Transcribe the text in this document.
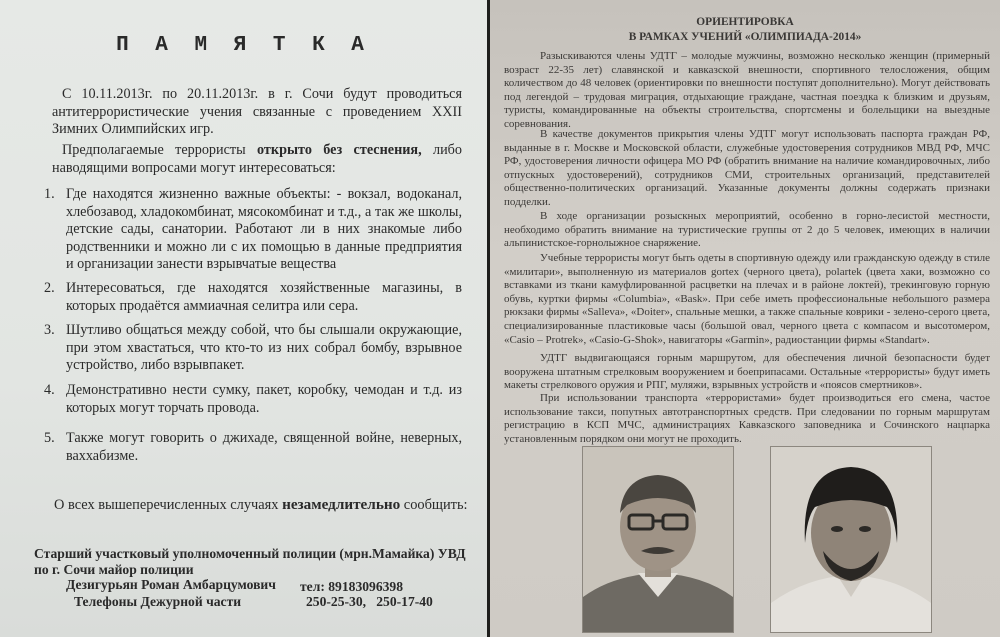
П А М Я Т К А

С 10.11.2013г. по 20.11.2013г. в г. Сочи будут проводиться антитеррористические учения связанные с проведением XXII Зимних Олимпийских игр.

Предполагаемые террористы открыто без стеснения, либо наводящими вопросами могут интересоваться:

1. Где находятся жизненно важные объекты: - вокзал, водоканал, хлебозавод, хладокомбинат, мясокомбинат и т.д., а так же школы, детские сады, санатории. Работают ли в них знакомые либо родственники и можно ли с их помощью в данные предприятия и организации занести взрывчатые вещества

2. Интересоваться, где находятся хозяйственные магазины, в которых продаётся аммиачная селитра или сера.

3. Шутливо общаться между собой, что бы слышали окружающие, при этом хвастаться, что кто-то из них собрал бомбу, взрывное устройство, либо взрывпакет.

4. Демонстративно нести сумку, пакет, коробку, чемодан и т.д. из которых могут торчать провода.

5. Также могут говорить о джихаде, священной войне, неверных, ваххабизме.

О всех вышеперечисленных случаях незамедлительно сообщить:

Старший участковый уполномоченный полиции (мрн.Мамайка) УВД

по г. Сочи майор полиции

Дезигурьян Роман Амбарцумович	тел: 89183096398

Телефоны Дежурной части	250-25-30,   250-17-40

ОРИЕНТИРОВКА

В РАМКАХ УЧЕНИЙ «ОЛИМПИАДА-2014»

Разыскиваются члены УДТГ – молодые мужчины, возможно несколько женщин (примерный возраст 22-35 лет) славянской и кавказской внешности, спортивного телосложения, общим количеством до 48 человек (ориентировки по внешности поступят дополнительно). Могут действовать под легендой – трудовая миграция, отдыхающие граждане, частная поездка к близким и друзьям, туристы, командированные на объекты строительства, спортсмены и болельщики на выездные соревнования.

В качестве документов прикрытия члены УДТГ могут использовать паспорта граждан РФ, выданные в г. Москве и Московской области, служебные удостоверения сотрудников МВД РФ, МЧС РФ, удостоверения личности офицера МО РФ (обратить внимание на наличие командировочных, либо отпускных удостоверений), сотрудников СМИ, строительных организаций, представителей общественно-политических организаций. Указанные документы должны содержать признаки подделки.

В ходе организации розыскных мероприятий, особенно в горно-лесистой местности, необходимо обратить внимание на туристические группы от 2 до 5 человек, имеющих в наличии альпинистское-горнолыжное снаряжение.

Учебные террористы могут быть одеты в спортивную одежду или гражданскую одежду в стиле «милитари», выполненную из материалов gortex (черного цвета), polartek (цвета хаки, возможно со вставками из ткани камуфлированной расцветки на плечах и в районе локтей), трекинговую горную обувь, куртки фирмы «Columbia», «Bask». При себе иметь профессиональные небольшого размера рюкзаки фирмы «Salleva», «Doiter», спальные мешки, а также спальные коврики - зелено-серого цвета, специализированные пластиковые часы (большой овал, черного цвета с компасом и высотомером, «Casio – Protrek», «Casio-G-Shok», навигаторы «Garmin», радиостанции фирмы «Standart».

УДТГ выдвигающаяся горным маршрутом, для обеспечения личной безопасности будет вооружена штатным стрелковым вооружением и боеприпасами. Остальные «террористы» будут иметь макеты стрелкового оружия и РПГ, муляжи, взрывных устройств и «поясов смертников».

При использовании транспорта «террористами» будет производиться его смена, частое использование такси, попутных автотранспортных средств. При следовании по горным маршрутам регистрацию в КСП МЧС, администрациях Кавказского заповедника и Сочинского нацпарка установленным порядком они могут не проходить.
